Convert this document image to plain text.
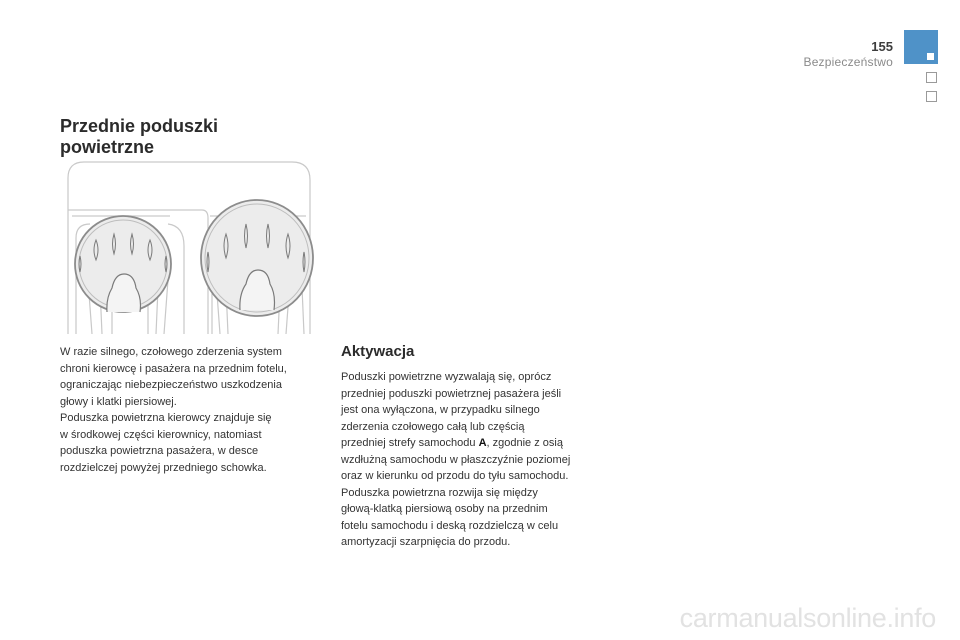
155
Bezpieczeństwo
Przednie poduszki
powietrzne

W razie silnego, czołowego zderzenia system

chroni kierowcę i pasażera na przednim fotelu,

ograniczając niebezpieczeństwo uszkodzenia

głowy i klatki piersiowej.

Poduszka powietrzna kierowcy znajduje się

w środkowej części kierownicy, natomiast

poduszka powietrzna pasażera, w desce

rozdzielczej powyżej przedniego schowka.

Aktywacja

Poduszki powietrzne wyzwalają się, oprócz

przedniej poduszki powietrznej pasażera jeśli

jest ona wyłączona, w przypadku silnego

zderzenia czołowego całą lub częścią

przedniej strefy samochodu A, zgodnie z osią

wzdłużną samochodu w płaszczyźnie poziomej

oraz w kierunku od przodu do tyłu samochodu.

Poduszka powietrzna rozwija się między

głową-klatką piersiową osoby na przednim

fotelu samochodu i deską rozdzielczą w celu

amortyzacji szarpnięcia do przodu.

carmanualsonline.info
